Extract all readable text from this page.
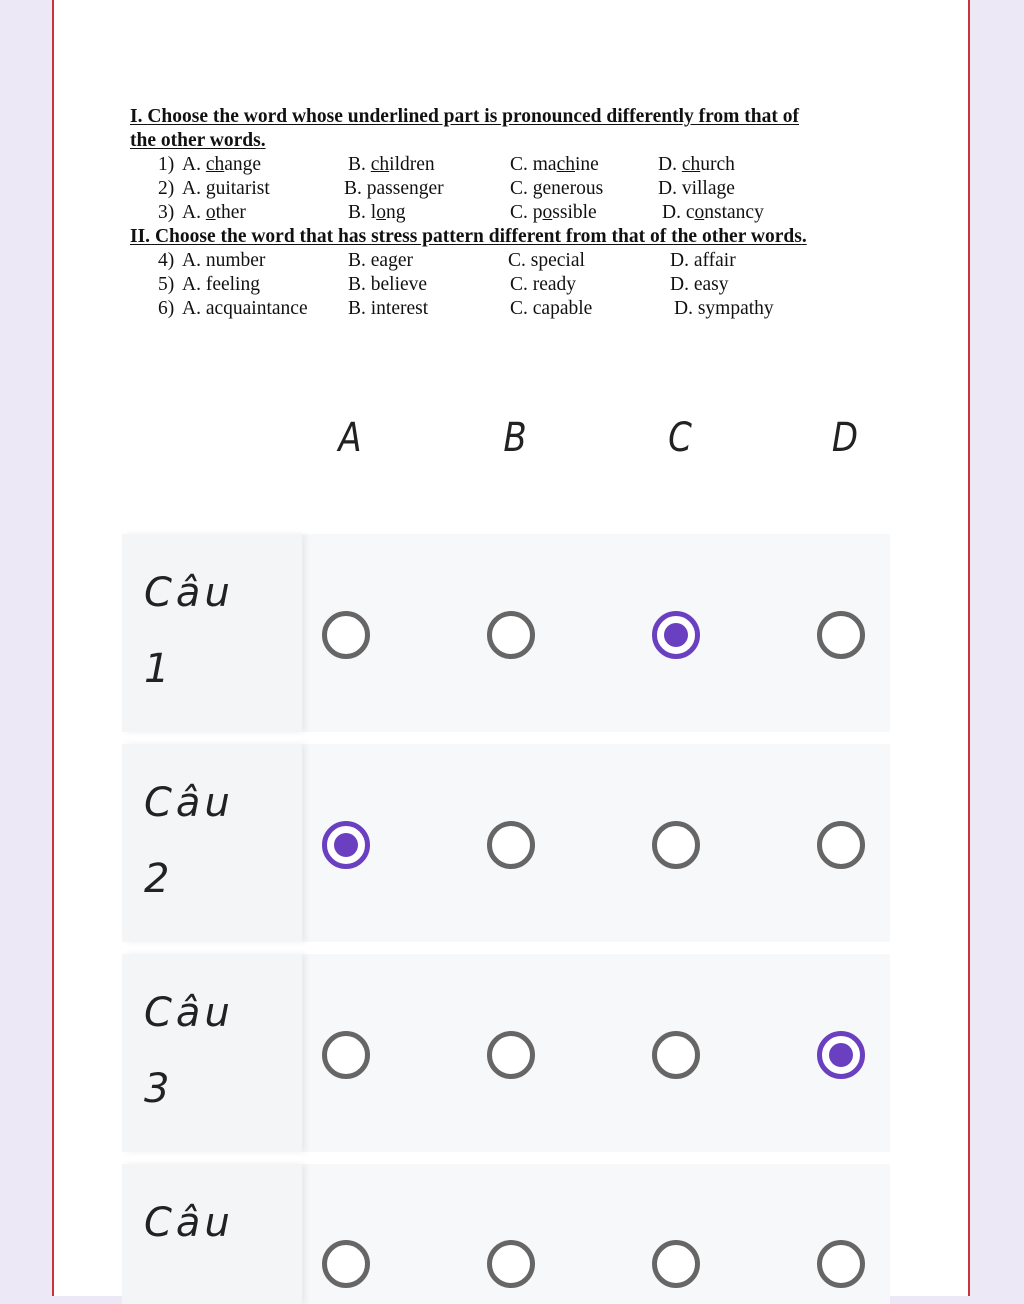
I. Choose the word whose underlined part is pronounced differently from that of
the other words.
1) A. change	B. children	C. machine	D. church
2) A. guitarist	B. passenger	C. generous	D. village
3) A. other	B. long	C. possible	D. constancy
II. Choose the word that has stress pattern different from that of the other words.
4) A. number	B. eager	C. special	D. affair
5) A. feeling	B. believe	C. ready	D. easy
6) A. acquaintance B. interest	C. capable	D. sympathy
A	B	C	D
Câu
1
Câu
2
Câu
3
Câu
